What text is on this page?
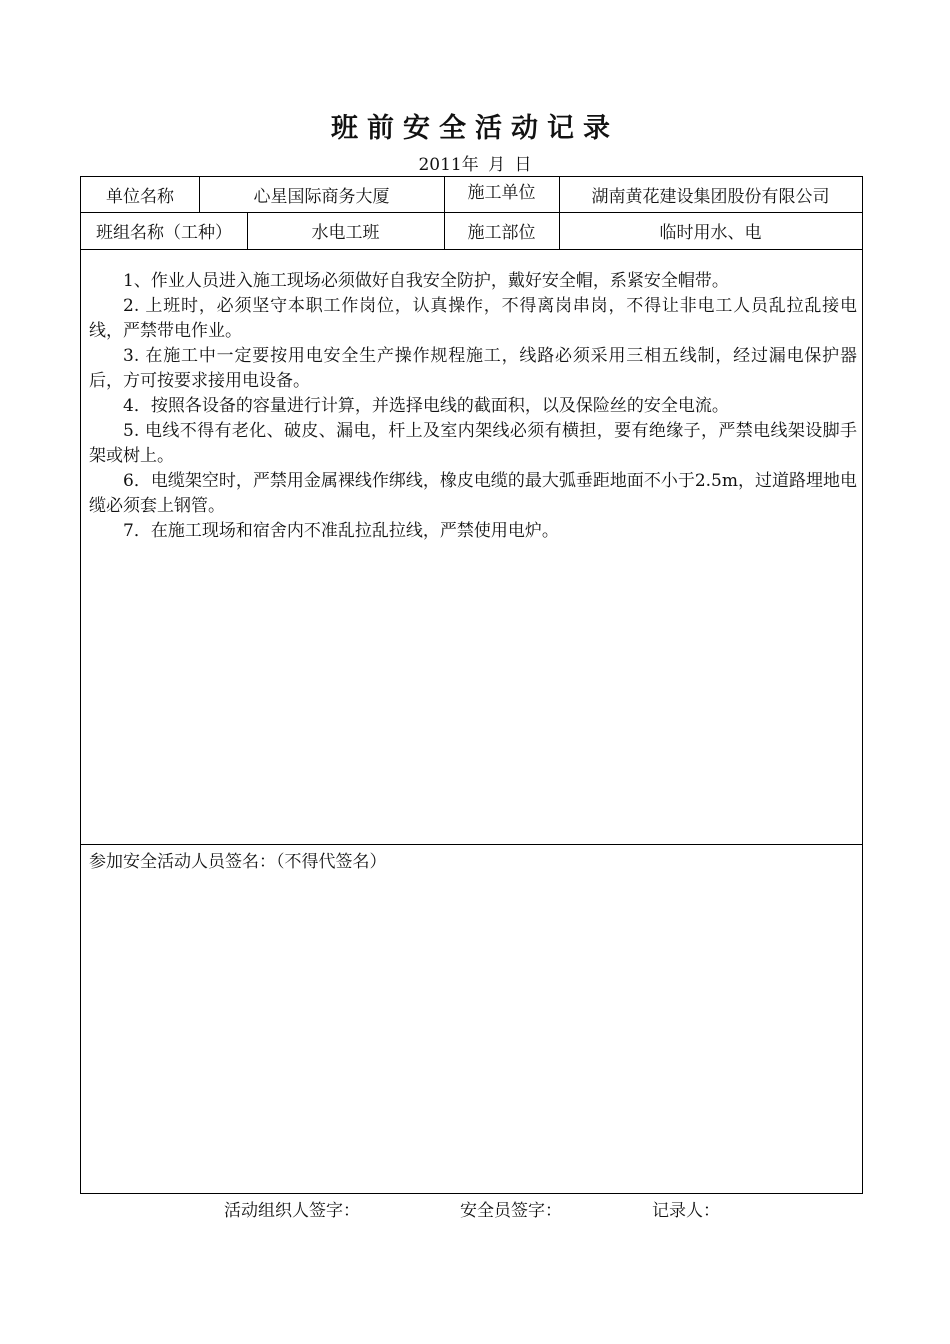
班前安全活动记录
2011年 月 日
单位名称	心星国际商务大厦	施工单位	湖南黄花建设集团股份有限公司
班组名称（工种）	水电工班	施工部位	临时用水、电

1、作业人员进入施工现场必须做好自我安全防护，戴好安全帽，系紧安全帽带。

2. 上班时，必须坚守本职工作岗位，认真操作，不得离岗串岗，不得让非电工人员乱拉乱接电线，严禁带电作业。

3. 在施工中一定要按用电安全生产操作规程施工，线路必须采用三相五线制，经过漏电保护器后，方可按要求接用电设备。

4．按照各设备的容量进行计算，并选择电线的截面积，以及保险丝的安全电流。

5. 电线不得有老化、破皮、漏电，杆上及室内架线必须有横担，要有绝缘子，严禁电线架设脚手架或树上。

6．电缆架空时，严禁用金属裸线作绑线，橡皮电缆的最大弧垂距地面不小于2.5m，过道路埋地电缆必须套上钢管。

7．在施工现场和宿舍内不准乱拉乱拉线，严禁使用电炉。

参加安全活动人员签名：（不得代签名）
活动组织人签字：	安全员签字：	记录人：
